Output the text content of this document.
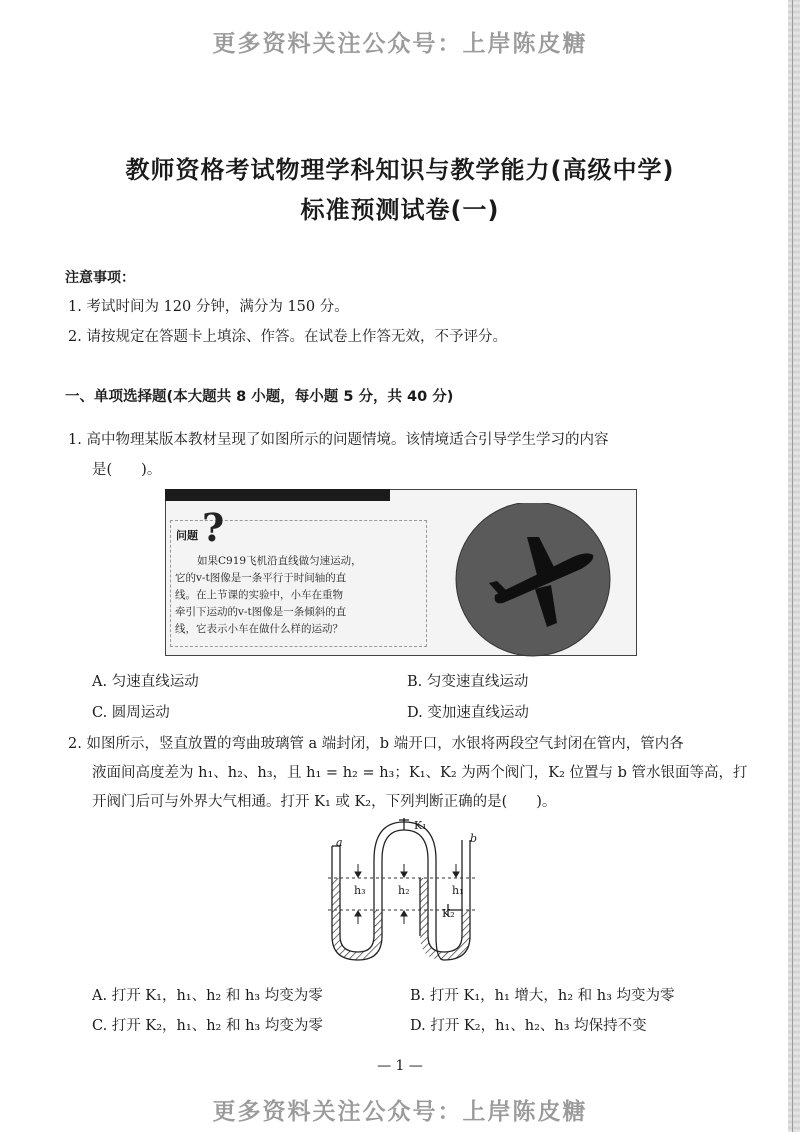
更多资料关注公众号：上岸陈皮糖
更多资料关注公众号：上岸陈皮糖
教师资格考试物理学科知识与教学能力(高级中学)
标准预测试卷(一)
注意事项：
1. 考试时间为 120 分钟，满分为 150 分。
2. 请按规定在答题卡上填涂、作答。在试卷上作答无效，不予评分。
一、单项选择题(本大题共 8 小题，每小题 5 分，共 40 分)
1. 高中物理某版本教材呈现了如图所示的问题情境。该情境适合引导学生学习的内容
是(　　)。
问题 ?
如果C919飞机沿直线做匀速运动，
它的v-t图像是一条平行于时间轴的直
线。在上节课的实验中，小车在重物
牵引下运动的v-t图像是一条倾斜的直
线，它表示小车在做什么样的运动？
A. 匀速直线运动	B. 匀变速直线运动
C. 圆周运动	D. 变加速直线运动
2. 如图所示，竖直放置的弯曲玻璃管 a 端封闭，b 端开口，水银将两段空气封闭在管内，管内各
液面间高度差为 h₁、h₂、h₃，且 h₁ = h₂ = h₃；K₁、K₂ 为两个阀门，K₂ 位置与 b 管水银面等高，打
开阀门后可与外界大气相通。打开 K₁ 或 K₂，下列判断正确的是(　　)。
a	b
K₁
K₂
h₁
h₂
h₃
A. 打开 K₁，h₁、h₂ 和 h₃ 均变为零	B. 打开 K₁，h₁ 增大，h₂ 和 h₃ 均变为零
C. 打开 K₂，h₁、h₂ 和 h₃ 均变为零	D. 打开 K₂，h₁、h₂、h₃ 均保持不变
— 1 —
